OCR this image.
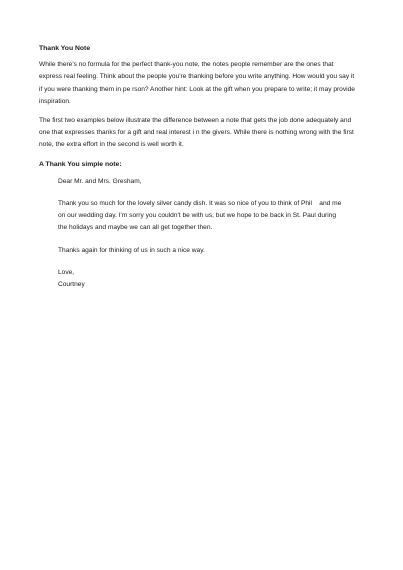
Thank You Note
While there's no formula for the perfect thank-you note, the notes people remember are the ones that
express real feeling. Think about the people you're thanking before you write anything. How would you say it
if you were thanking them in pe rson? Another hint: Look at the gift when you prepare to write; it may provide
inspiration.
The first two examples below illustrate the difference between a note that gets the job done adequately and
one that expresses thanks for a gift and real interest i n the givers. While there is nothing wrong with the first
note, the extra effort in the second is well worth it.
A Thank You simple note:
Dear Mr. and Mrs. Gresham,
Thank you so much for the lovely silver candy dish. It was so nice of you to think of Phil    and me
on our wedding day. I'm sorry you couldn't be with us, but we hope to be back in St. Paul during
the holidays and maybe we can all get together then.
Thanks again for thinking of us in such a nice way.
Love,
Courtney
